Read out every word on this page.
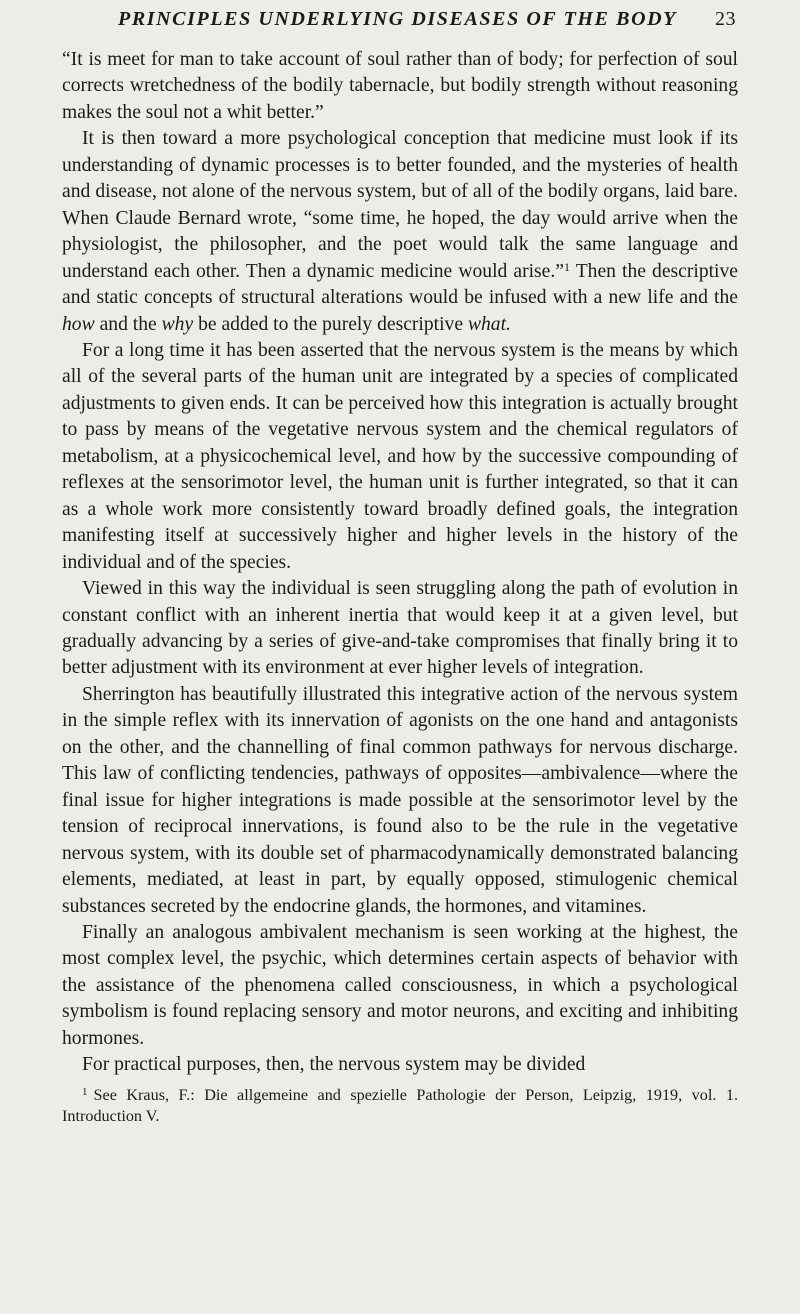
PRINCIPLES UNDERLYING DISEASES OF THE BODY 23

“It is meet for man to take account of soul rather than of body; for perfection of soul corrects wretchedness of the bodily tabernacle, but bodily strength without reasoning makes the soul not a whit better.”

It is then toward a more psychological conception that medicine must look if its understanding of dynamic processes is to better founded, and the mysteries of health and disease, not alone of the nervous system, but of all of the bodily organs, laid bare. When Claude Bernard wrote, “some time, he hoped, the day would arrive when the physiologist, the philosopher, and the poet would talk the same language and understand each other. Then a dynamic medicine would arise.”$^1$ Then the descriptive and static concepts of structural alterations would be infused with a new life and the how and the why be added to the purely descriptive what.

For a long time it has been asserted that the nervous system is the means by which all of the several parts of the human unit are integrated by a species of complicated adjustments to given ends. It can be perceived how this integration is actually brought to pass by means of the vegetative nervous system and the chemical regulators of metabolism, at a physicochemical level, and how by the successive compounding of reflexes at the sensorimotor level, the human unit is further integrated, so that it can as a whole work more consistently toward broadly defined goals, the integration manifesting itself at successively higher and higher levels in the history of the individual and of the species.

Viewed in this way the individual is seen struggling along the path of evolution in constant conflict with an inherent inertia that would keep it at a given level, but gradually advancing by a series of give-and-take compromises that finally bring it to better adjustment with its environment at ever higher levels of integration.

Sherrington has beautifully illustrated this integrative action of the nervous system in the simple reflex with its innervation of agonists on the one hand and antagonists on the other, and the channelling of final common pathways for nervous discharge. This law of conflicting tendencies, pathways of opposites—ambivalence—where the final issue for higher integrations is made possible at the sensorimotor level by the tension of reciprocal innervations, is found also to be the rule in the vegetative nervous system, with its double set of pharmacodynamically demonstrated balancing elements, mediated, at least in part, by equally opposed, stimulogenic chemical substances secreted by the endocrine glands, the hormones, and vitamines.

Finally an analogous ambivalent mechanism is seen working at the highest, the most complex level, the psychic, which determines certain aspects of behavior with the assistance of the phenomena called consciousness, in which a psychological symbolism is found replacing sensory and motor neurons, and exciting and inhibiting hormones.

For practical purposes, then, the nervous system may be divided

$^1$ See Kraus, F.: Die allgemeine and spezielle Pathologie der Person, Leipzig, 1919, vol. 1. Introduction V.
